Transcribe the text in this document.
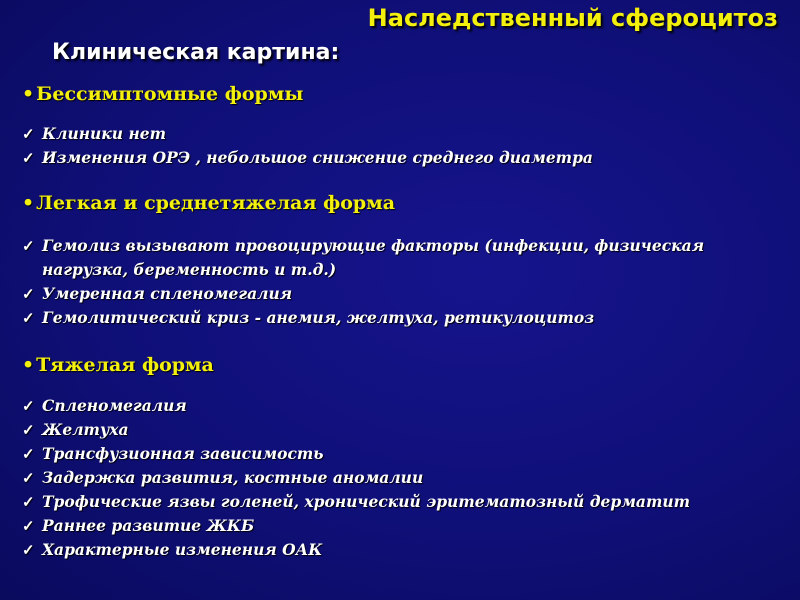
Наследственный сфероцитоз
Клиническая картина:
• Бессимптомные формы
✓ Клиники нет
✓ Изменения ОРЭ , небольшое снижение среднего диаметра
• Легкая и среднетяжелая форма
✓ Гемолиз вызывают провоцирующие факторы (инфекции, физическая нагрузка, беременность и т.д.)
✓ Умеренная спленомегалия
✓ Гемолитический криз - анемия, желтуха, ретикулоцитоз
• Тяжелая форма
✓ Спленомегалия
✓ Желтуха
✓ Трансфузионная зависимость
✓ Задержка развития, костные аномалии
✓ Трофические язвы голеней, хронический эритематозный дерматит
✓ Раннее развитие ЖКБ
✓ Характерные изменения ОАК
